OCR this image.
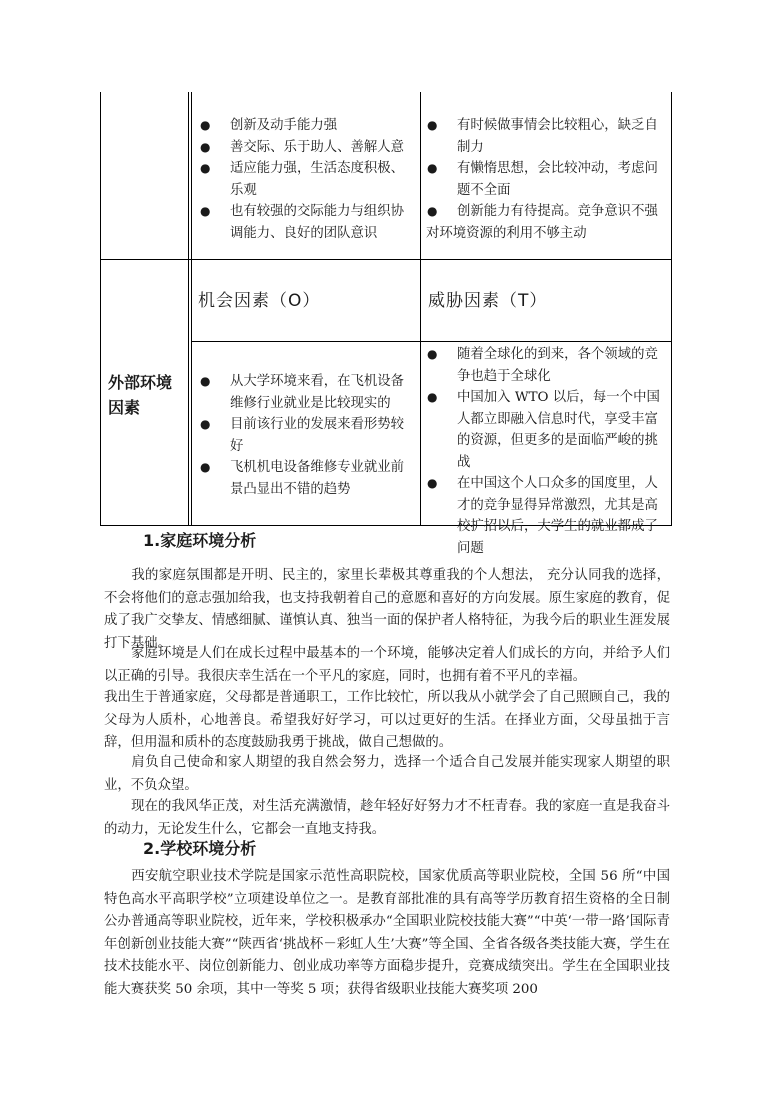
● 创新及动手能力强
● 善交际、乐于助人、善解人意
● 适应能力强，生活态度积极、乐观
● 也有较强的交际能力与组织协调能力、良好的团队意识
● 有时候做事情会比较粗心，缺乏自制力
● 有懒惰思想，会比较冲动，考虑问题不全面
● 创新能力有待提高。竞争意识不强对环境资源的利用不够主动
外部环境因素
机会因素（O）	威胁因素（T）
● 从大学环境来看，在飞机设备维修行业就业是比较现实的
● 目前该行业的发展来看形势较好
● 飞机机电设备维修专业就业前景凸显出不错的趋势
● 随着全球化的到来，各个领域的竞争也趋于全球化
● 中国加入 WTO 以后，每一个中国人都立即融入信息时代，享受丰富的资源，但更多的是面临严峻的挑战
● 在中国这个人口众多的国度里，人才的竞争显得异常激烈，尤其是高校扩招以后，大学生的就业都成了问题
1.家庭环境分析
我的家庭氛围都是开明、民主的，家里长辈极其尊重我的个人想法， 充分认同我的选择，不会将他们的意志强加给我，也支持我朝着自己的意愿和喜好的方向发展。原生家庭的教育，促成了我广交挚友、情感细腻、谨慎认真、独当一面的保护者人格特征，为我今后的职业生涯发展打下基础。
家庭环境是人们在成长过程中最基本的一个环境，能够决定着人们成长的方向，并给予人们以正确的引导。我很庆幸生活在一个平凡的家庭，同时，也拥有着不平凡的幸福。
我出生于普通家庭，父母都是普通职工，工作比较忙，所以我从小就学会了自己照顾自己，我的父母为人质朴，心地善良。希望我好好学习，可以过更好的生活。在择业方面，父母虽拙于言辞，但用温和质朴的态度鼓励我勇于挑战，做自己想做的。
肩负自己使命和家人期望的我自然会努力，选择一个适合自己发展并能实现家人期望的职业，不负众望。
现在的我风华正茂，对生活充满激情，趁年轻好好努力才不枉青春。我的家庭一直是我奋斗的动力，无论发生什么，它都会一直地支持我。
2.学校环境分析
西安航空职业技术学院是国家示范性高职院校，国家优质高等职业院校，全国 56 所“中国特色高水平高职学校”立项建设单位之一。是教育部批准的具有高等学历教育招生资格的全日制公办普通高等职业院校，近年来，学校积极承办“全国职业院校技能大赛”“中英‘一带一路’国际青年创新创业技能大赛”“陕西省‘挑战杯－彩虹人生’大赛”等全国、全省各级各类技能大赛，学生在技术技能水平、岗位创新能力、创业成功率等方面稳步提升，竞赛成绩突出。学生在全国职业技能大赛获奖 50 余项，其中一等奖 5 项；获得省级职业技能大赛奖项 200
